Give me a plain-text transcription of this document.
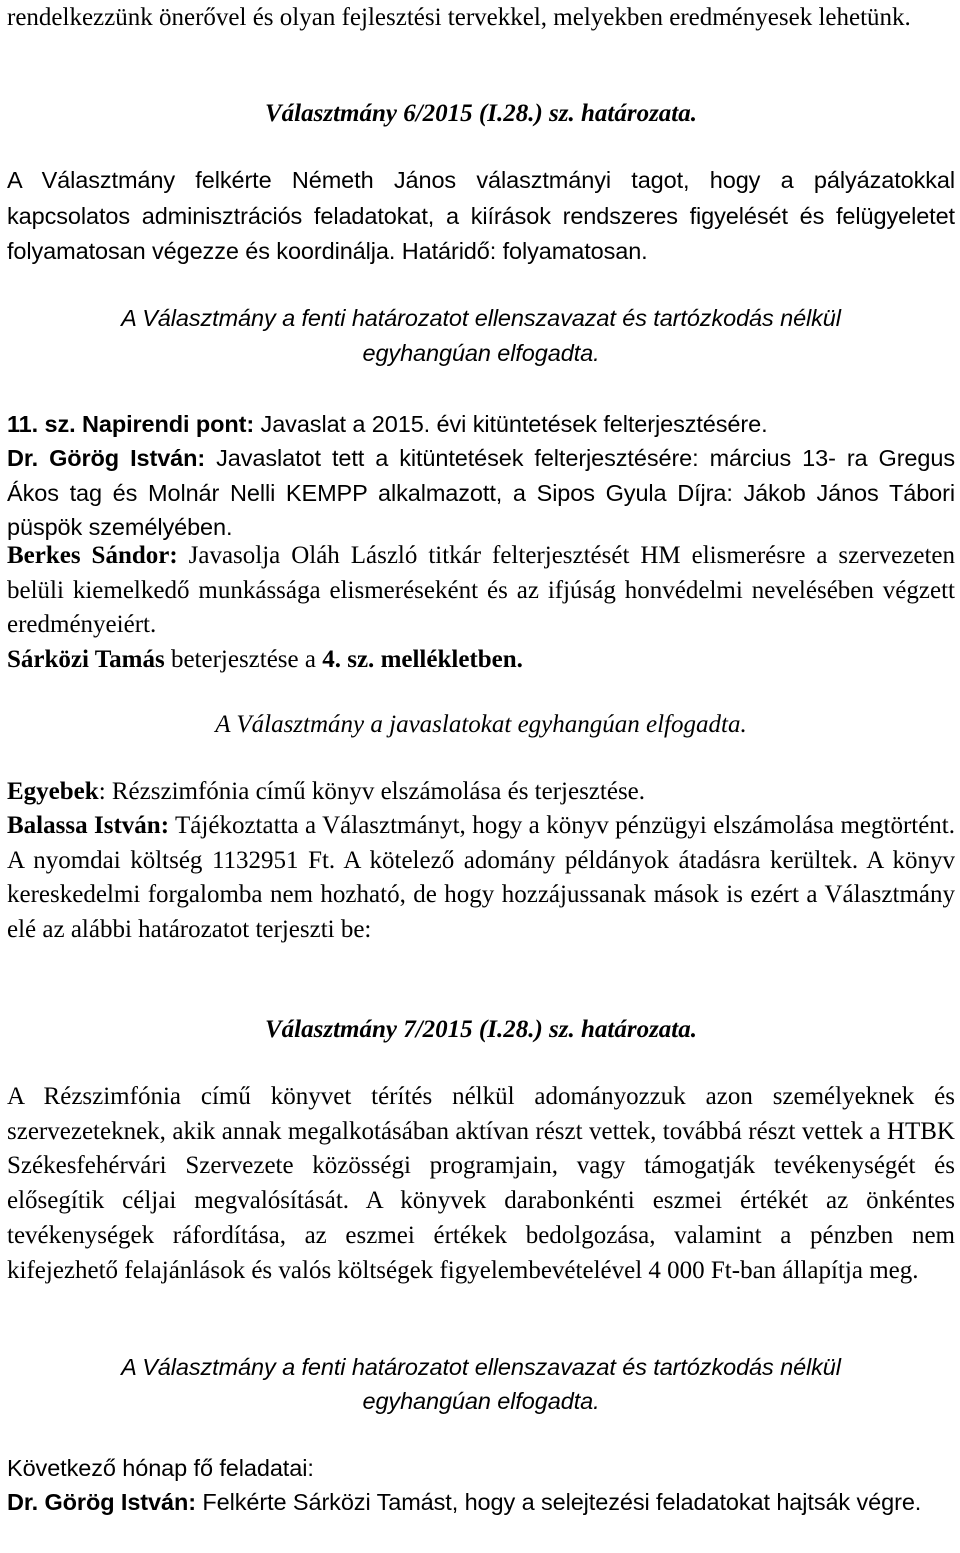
rendelkezzünk önerővel és olyan fejlesztési tervekkel, melyekben eredményesek lehetünk.

Választmány 6/2015 (I.28.) sz. határozata.

A Választmány felkérte Németh János választmányi tagot, hogy a pályázatokkal kapcsolatos adminisztrációs feladatokat, a kiírások rendszeres figyelését és felügyeletet folyamatosan végezze és koordinálja. Határidő: folyamatosan.

A Választmány a fenti határozatot ellenszavazat és tartózkodás nélkül

egyhangúan elfogadta.

11. sz. Napirendi pont: Javaslat a 2015. évi kitüntetések felterjesztésére.

Dr. Görög István: Javaslatot tett a kitüntetések felterjesztésére: március 13- ra Gregus Ákos tag és Molnár Nelli KEMPP alkalmazott, a Sipos Gyula Díjra: Jákob János Tábori püspök személyében.

Berkes Sándor: Javasolja Oláh László titkár felterjesztését HM elismerésre a szervezeten belüli kiemelkedő munkássága elismeréseként és az ifjúság honvédelmi nevelésében végzett eredményeiért.

Sárközi Tamás beterjesztése a 4. sz. mellékletben.

A Választmány a javaslatokat egyhangúan elfogadta.

Egyebek: Rézszimfónia című könyv elszámolása és terjesztése.

Balassa István: Tájékoztatta a Választmányt, hogy a könyv pénzügyi elszámolása megtörtént. A nyomdai költség 1132951 Ft. A kötelező adomány példányok átadásra kerültek. A könyv kereskedelmi forgalomba nem hozható, de hogy hozzájussanak mások is ezért a Választmány elé az alábbi határozatot terjeszti be:

Választmány 7/2015 (I.28.) sz. határozata.

A Rézszimfónia című könyvet térítés nélkül adományozzuk azon személyeknek és szervezeteknek, akik annak megalkotásában aktívan részt vettek, továbbá részt vettek a HTBK Székesfehérvári Szervezete közösségi programjain, vagy támogatják tevékenységét és elősegítik céljai megvalósítását. A könyvek darabonkénti eszmei értékét az önkéntes tevékenységek ráfordítása, az eszmei értékek bedolgozása, valamint a pénzben nem kifejezhető felajánlások és valós költségek figyelembevételével 4 000 Ft-ban állapítja meg.

A Választmány a fenti határozatot ellenszavazat és tartózkodás nélkül

egyhangúan elfogadta.

Következő hónap fő feladatai:

Dr. Görög István: Felkérte Sárközi Tamást, hogy a selejtezési feladatokat hajtsák végre.
